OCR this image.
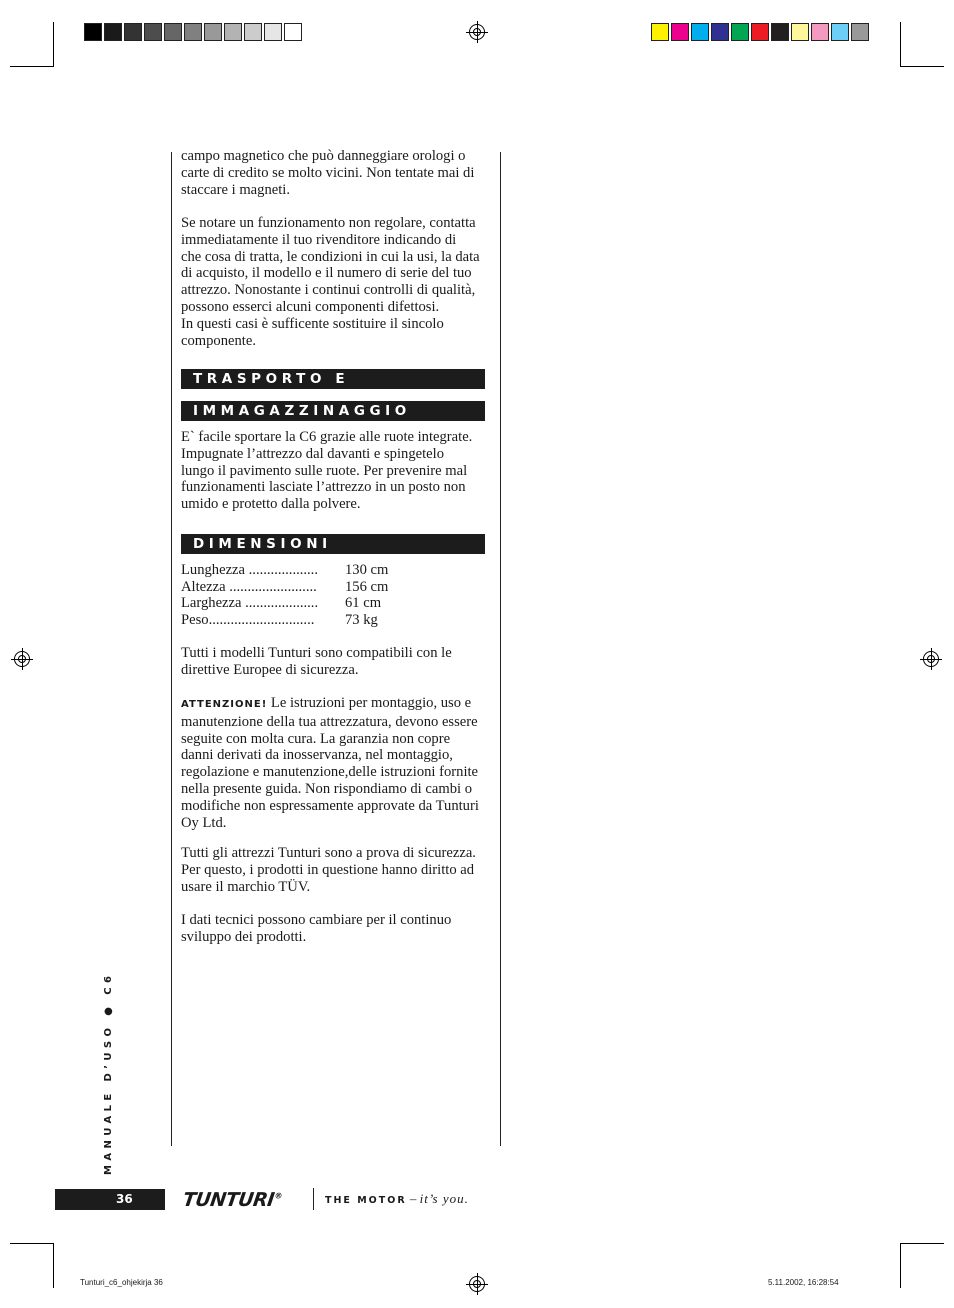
campo magnetico che può danneggiare orologi o
carte di credito se molto vicini. Non tentate mai di
staccare i magneti.
Se notare un funzionamento non regolare, contatta
immediatamente il tuo rivenditore indicando di
che cosa di tratta, le condizioni in cui la usi, la data
di acquisto, il modello e il numero di serie del tuo
attrezzo. Nonostante i continui controlli di qualità,
possono esserci alcuni componenti difettosi.
In questi casi è sufficente sostituire il sincolo
componente.
TRASPORTO E
IMMAGAZZINAGGIO
E` facile sportare la C6 grazie alle ruote integrate.
Impugnate l’attrezzo dal davanti e spingetelo
lungo il pavimento sulle ruote. Per prevenire mal
funzionamenti lasciate l’attrezzo in un posto non
umido e protetto dalla polvere.
DIMENSIONI
Lunghezza ................... 130 cm
Altezza ........................ 156 cm
Larghezza .................... 61 cm
Peso............................. 73 kg
Tutti i modelli Tunturi sono compatibili con le
direttive Europee di sicurezza.
ATTENZIONE! Le istruzioni per montaggio, uso e
manutenzione della tua attrezzatura, devono essere
seguite con molta cura. La garanzia non copre
danni derivati da inosservanza, nel montaggio,
regolazione e manutenzione,delle istruzioni fornite
nella presente guida. Non rispondiamo di cambi o
modifiche non espressamente approvate da Tunturi
Oy Ltd.
Tutti gli attrezzi Tunturi sono a prova di sicurezza.
Per questo, i prodotti in questione hanno diritto ad
usare il marchio TÜV.
I dati tecnici possono cambiare per il continuo
sviluppo dei prodotti.
MANUALE D’USO ● C6
36	TUNTURI®	THE MOTOR – it’s you.
Tunturi_c6_ohjekirja 36	5.11.2002, 16:28:54
